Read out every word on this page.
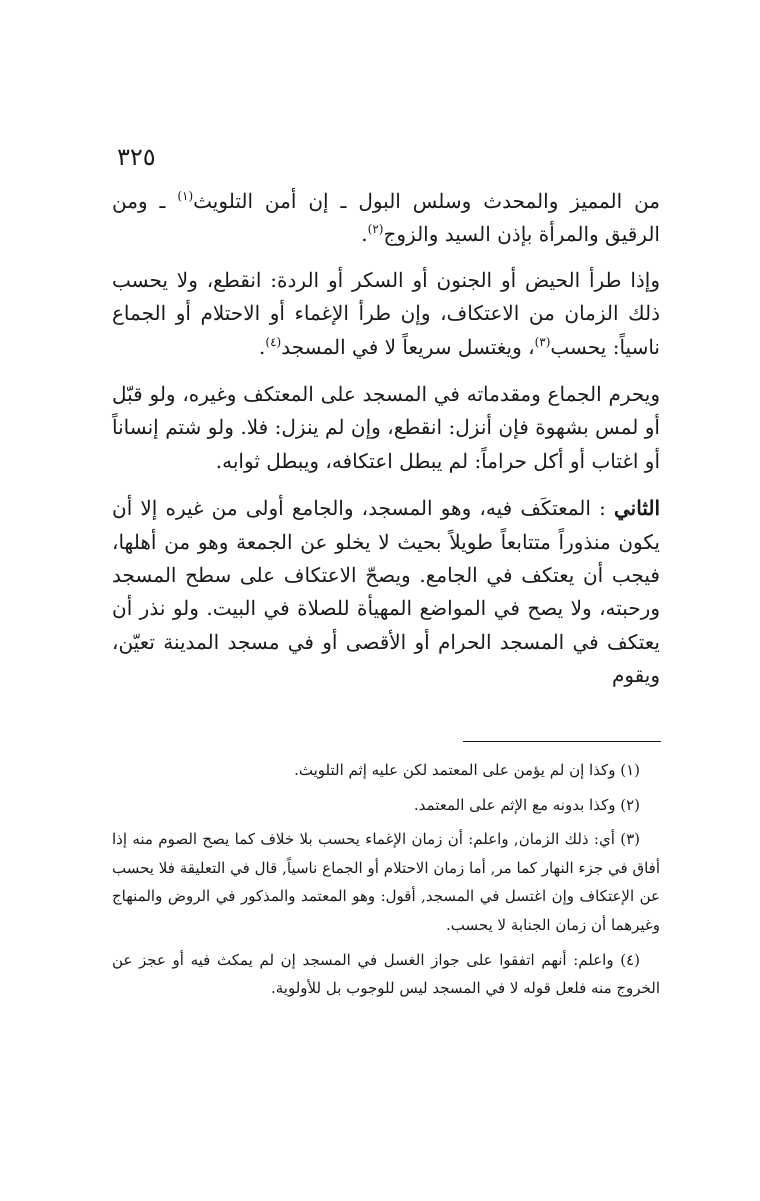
٣٢٥

من المميز والمحدث وسلس البول ـ إن أمن التلويث$^{(١)}$ ـ ومن الرقيق والمرأة بإذن السيد والزوج$^{(٢)}$.

وإذا طرأ الحيض أو الجنون أو السكر أو الردة: انقطع، ولا يحسب ذلك الزمان من الاعتكاف، وإن طرأ الإغماء أو الاحتلام أو الجماع ناسياً: يحسب$^{(٣)}$، ويغتسل سريعاً لا في المسجد$^{(٤)}$.

ويحرم الجماع ومقدماته في المسجد على المعتكف وغيره، ولو قبّل أو لمس بشهوة فإن أنزل: انقطع، وإن لم ينزل: فلا. ولو شتم إنساناً أو اغتاب أو أكل حراماً: لم يبطل اعتكافه، ويبطل ثوابه.

الثاني : المعتكَف فيه، وهو المسجد، والجامع أولى من غيره إلا أن يكون منذوراً متتابعاً طويلاً بحيث لا يخلو عن الجمعة وهو من أهلها، فيجب أن يعتكف في الجامع. ويصحّ الاعتكاف على سطح المسجد ورحبته، ولا يصح في المواضع المهيأة للصلاة في البيت. ولو نذر أن يعتكف في المسجد الحرام أو الأقصى أو في مسجد المدينة تعيّن، ويقوم

(١) وكذا إن لم يؤمن على المعتمد لكن عليه إثم التلويث.

(٢) وكذا بدونه مع الإثم على المعتمد.

(٣) أي: ذلك الزمان, واعلم: أن زمان الإغماء يحسب بلا خلاف كما يصح الصوم منه إذا أفاق في جزء النهار كما مر, أما زمان الاحتلام أو الجماع ناسياً, قال في التعليقة فلا يحسب عن الإعتكاف وإن اغتسل في المسجد, أقول: وهو المعتمد والمذكور في الروض والمنهاج وغيرهما أن زمان الجنابة لا يحسب.

(٤) واعلم: أنهم اتفقوا على جواز الغسل في المسجد إن لم يمكث فيه أو عجز عن الخروج منه فلعل قوله لا في المسجد ليس للوجوب بل للأولوية.
